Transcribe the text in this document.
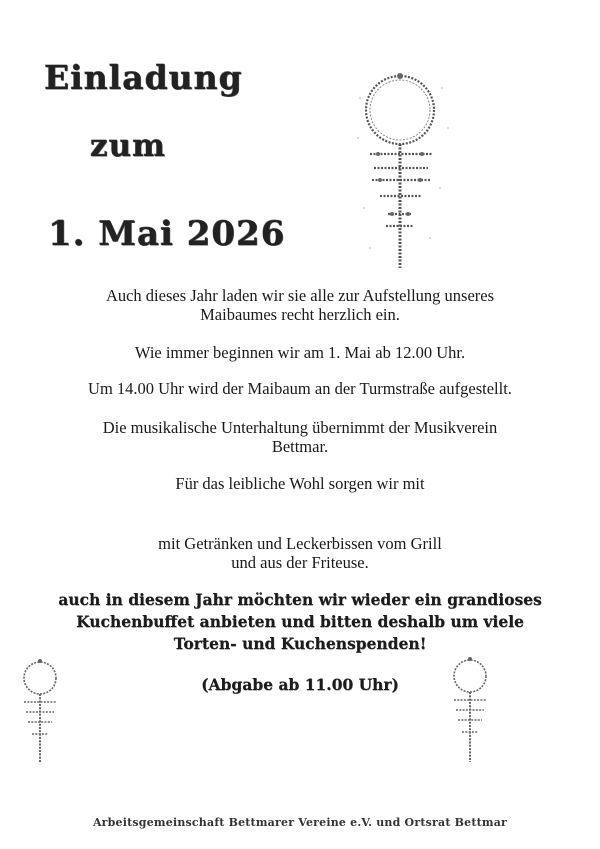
Einladung
zum
1. Mai 2026

Auch dieses Jahr laden wir sie alle zur Aufstellung unseres

Maibaumes recht herzlich ein.

Wie immer beginnen wir am 1. Mai ab 12.00 Uhr.

Um 14.00 Uhr wird der Maibaum an der Turmstraße aufgestellt.

Die musikalische Unterhaltung übernimmt der Musikverein

Bettmar.

Für das leibliche Wohl sorgen wir mit

mit Getränken und Leckerbissen vom Grill

und aus der Friteuse.

auch in diesem Jahr möchten wir wieder ein grandioses

Kuchenbuffet anbieten und bitten deshalb um viele

Torten- und Kuchenspenden!

(Abgabe ab 11.00 Uhr)

Arbeitsgemeinschaft Bettmarer Vereine e.V. und Ortsrat Bettmar
